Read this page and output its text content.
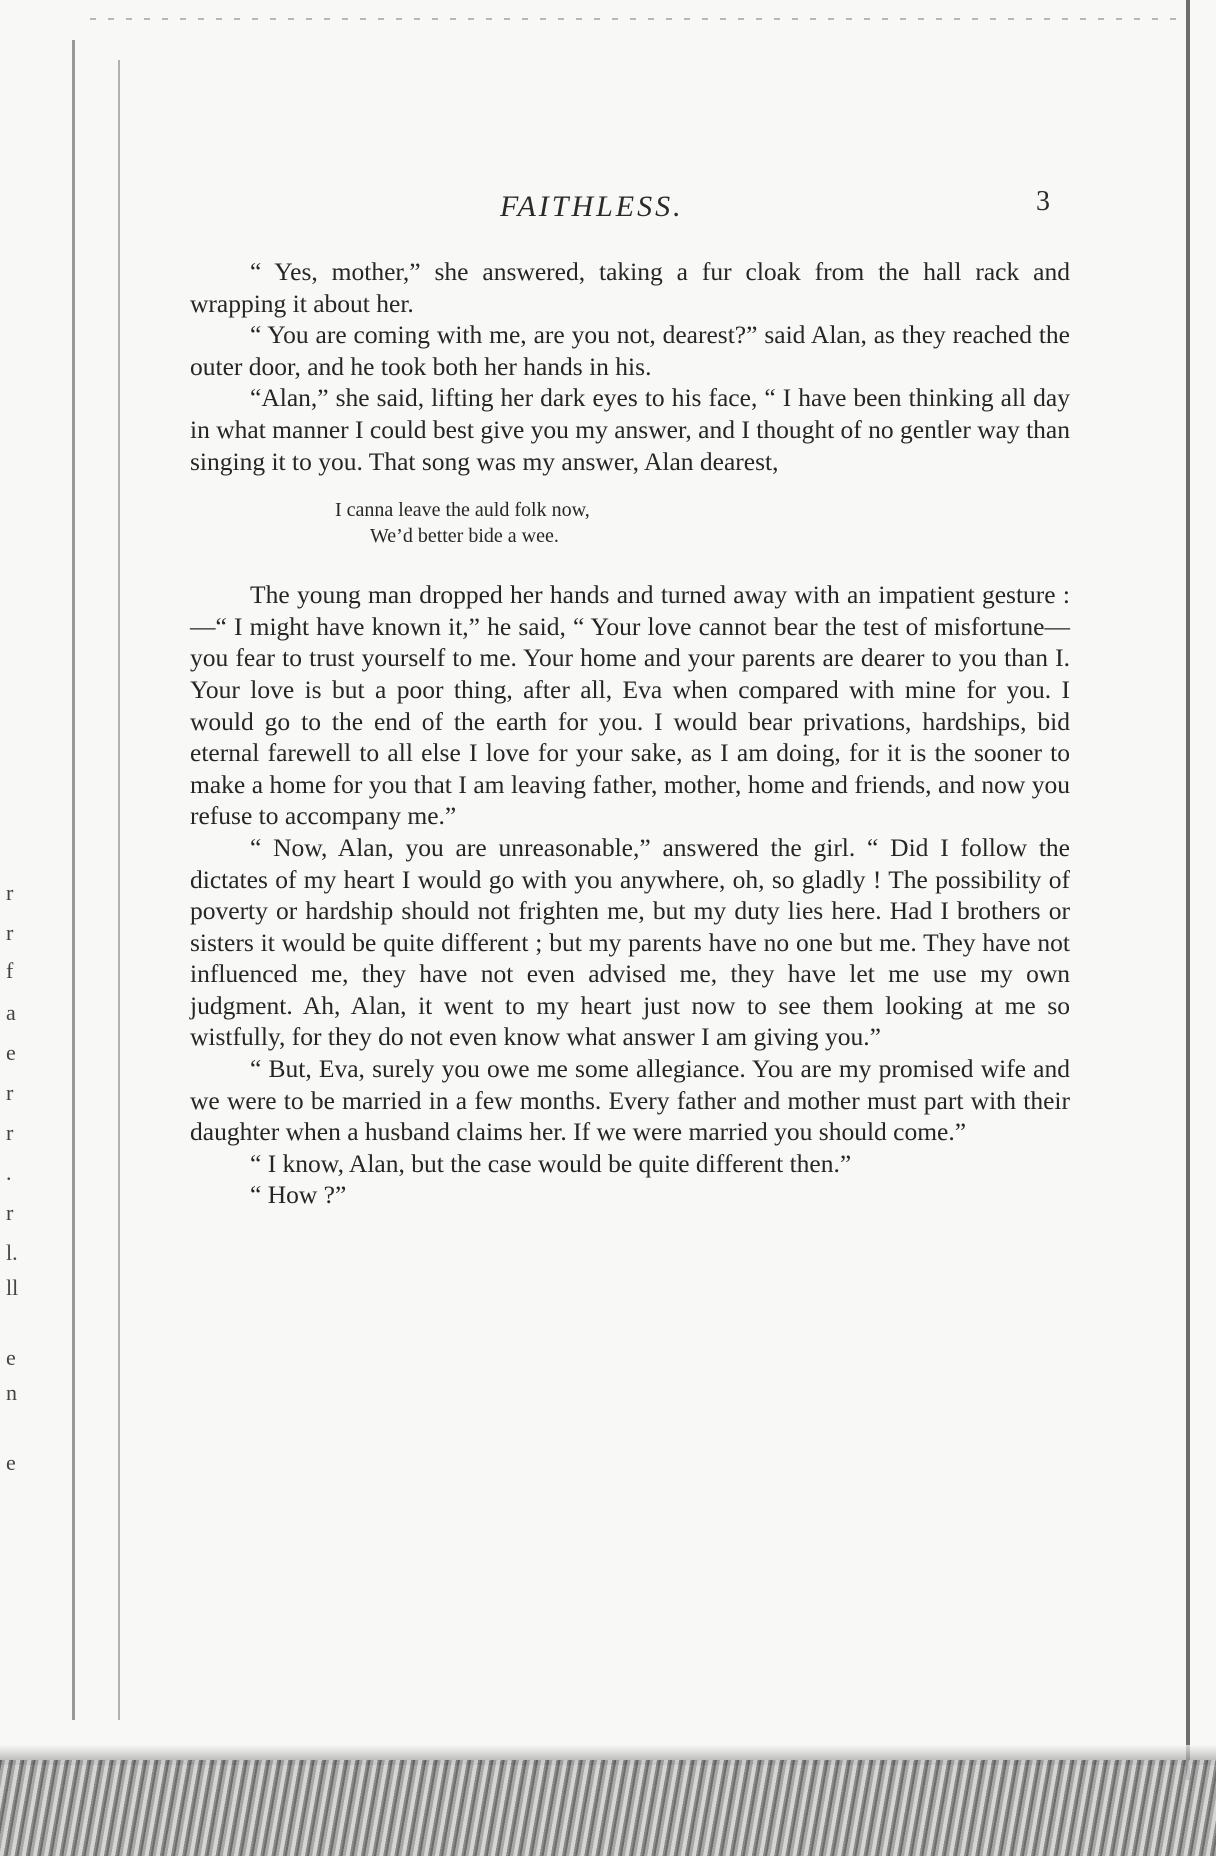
r
r
f
a
e
r
r
.
r
l.
ll
e
n
e
FAITHLESS.	3

“ Yes, mother,” she answered, taking a fur cloak from the hall rack and wrapping it about her.

“ You are coming with me, are you not, dearest?” said Alan, as they reached the outer door, and he took both her hands in his.

“Alan,” she said, lifting her dark eyes to his face, “ I have been thinking all day in what manner I could best give you my answer, and I thought of no gentler way than singing it to you. That song was my answer, Alan dearest,

I canna leave the auld folk now,
We’d better bide a wee.

The young man dropped her hands and turned away with an impatient gesture :—“ I might have known it,” he said, “ Your love cannot bear the test of misfortune—you fear to trust yourself to me. Your home and your parents are dearer to you than I. Your love is but a poor thing, after all, Eva when compared with mine for you. I would go to the end of the earth for you. I would bear privations, hardships, bid eternal farewell to all else I love for your sake, as I am doing, for it is the sooner to make a home for you that I am leaving father, mother, home and friends, and now you refuse to accompany me.”

“ Now, Alan, you are unreasonable,” answered the girl. “ Did I follow the dictates of my heart I would go with you anywhere, oh, so gladly ! The possibility of poverty or hardship should not frighten me, but my duty lies here. Had I brothers or sisters it would be quite different ; but my parents have no one but me. They have not influenced me, they have not even advised me, they have let me use my own judgment. Ah, Alan, it went to my heart just now to see them looking at me so wistfully, for they do not even know what answer I am giving you.”

“ But, Eva, surely you owe me some allegiance. You are my promised wife and we were to be married in a few months. Every father and mother must part with their daughter when a husband claims her. If we were married you should come.”

“ I know, Alan, but the case would be quite different then.”

“ How ?”
